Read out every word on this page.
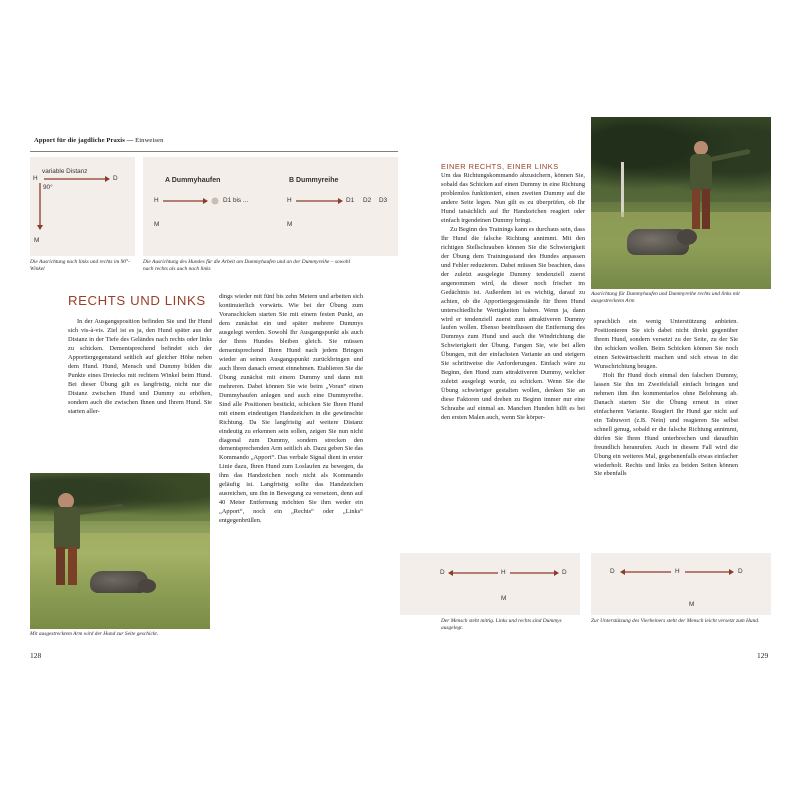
Apport für die jagdliche Praxis — Einweisen
H	D
M
variable Distanz
90°
Die Ausrichtung nach links und rechts im 90°-Winkel
A Dummyhaufen
H	D1 bis ...
M
B Dummyreihe
H
M
D1 D2 D3
Die Ausrichtung des Hundes für die Arbeit am Dummyhaufen und an der Dummyreihe – sowohl nach rechts als auch nach links
RECHTS UND LINKS
In der Ausgangsposition befinden Sie und Ihr Hund sich vis-à-vis. Ziel ist es ja, den Hund später aus der Distanz in der Tiefe des Geländes nach rechts oder links zu schicken. Dementsprechend befindet sich der Apportiergegenstand seitlich auf gleicher Höhe neben dem Hund. Hund, Mensch und Dummy bilden die Punkte eines Dreiecks mit rechtem Winkel beim Hund. Bei dieser Übung gilt es langfristig, nicht nur die Distanz zwischen Hund und Dummy zu erhöhen, sondern auch die zwischen Ihnen und Ihrem Hund. Sie starten aller-
dings wieder mit fünf bis zehn Metern und arbeiten sich kontinuierlich vorwärts. Wie bei der Übung zum Voranschicken starten Sie mit einem festen Punkt, an dem zunächst ein und später mehrere Dummys ausgelegt werden. Sowohl Ihr Ausgangspunkt als auch der Ihres Hundes bleiben gleich. Sie müssen dementsprechend Ihren Hund nach jedem Bringen wieder an seinen Ausgangspunkt zurückbringen und auch Ihren danach erneut einnehmen. Etablieren Sie die Übung zunächst mit einem Dummy und dann mit mehreren. Dabei können Sie wie beim „Voran“ einen Dummyhaufen anlegen und auch eine Dummyreihe. Sind alle Positionen bestückt, schicken Sie Ihren Hund mit einem eindeutigen Handzeichen in die gewünschte Richtung. Da Sie langfristig auf weitere Distanz eindeutig zu erkennen sein sollen, zeigen Sie nun nicht diagonal zum Dummy, sondern strecken den dementsprechenden Arm seitlich ab. Dazu geben Sie das Kommando „Apport“. Das verbale Signal dient in erster Linie dazu, Ihren Hund zum Loslaufen zu bewegen, da ihm das Handzeichen noch nicht als Kommando geläufig ist. Langfristig sollte das Handzeichen ausreichen, um ihn in Bewegung zu versetzen, denn auf 40 Meter Entfernung möchten Sie ihm weder ein „Apport“, noch ein „Rechts“ oder „Links“ entgegenbrüllen.
Mit ausgestrecktem Arm wird der Hund zur Seite geschickt.
128
EINER RECHTS, EINER LINKS
Um das Richtungskommando abzusichern, können Sie, sobald das Schicken auf einen Dummy in eine Richtung problemlos funktioniert, einen zweiten Dummy auf die andere Seite legen. Nun gilt es zu überprüfen, ob Ihr Hund tatsächlich auf Ihr Handzeichen reagiert oder einfach irgendeinen Dummy bringt.
Zu Beginn des Trainings kann es durchaus sein, dass Ihr Hund die falsche Richtung annimmt. Mit den richtigen Stellschrauben können Sie die Schwierigkeit der Übung dem Trainingsstand des Hundes anpassen und Fehler reduzieren. Dabei müssen Sie beachten, dass der zuletzt ausgelegte Dummy tendenziell zuerst angenommen wird, da dieser noch frischer im Gedächtnis ist. Außerdem ist es wichtig, darauf zu achten, ob die Apportiergegenstände für Ihren Hund unterschiedliche Wertigkeiten haben. Wenn ja, dann wird er tendenziell zuerst zum attraktiveren Dummy laufen wollen. Ebenso beeinflussen die Entfernung des Dummys zum Hund und auch die Windrichtung die Schwierigkeit der Übung. Fangen Sie, wie bei allen Übungen, mit der einfachsten Variante an und steigern Sie schrittweise die Anforderungen. Einfach wäre zu Beginn, den Hund zum attraktiveren Dummy, welcher zuletzt ausgelegt wurde, zu schicken. Wenn Sie die Übung schwieriger gestalten wollen, denken Sie an diese Faktoren und drehen zu Beginn immer nur eine Schraube auf einmal an. Manchen Hunden hilft es bei den ersten Malen auch, wenn Sie körper-
Ausrichtung für Dummyhaufen und Dummyreihe rechts und links mit ausgestrecktem Arm
sprachlich ein wenig Unterstützung anbieten. Positionieren Sie sich dabei nicht direkt gegenüber Ihrem Hund, sondern versetzt zu der Seite, zu der Sie ihn schicken wollen. Beim Schicken können Sie noch einen Seitwärtsschritt machen und sich etwas in die Wunschrichtung beugen.
Holt Ihr Hund doch einmal den falschen Dummy, lassen Sie ihn im Zweifelsfall einfach bringen und nehmen ihm ihn kommentarlos ohne Belohnung ab. Danach starten Sie die Übung erneut in einer einfacheren Variante. Reagiert Ihr Hund gar nicht auf ein Tabuwort (z.B. Nein) und reagieren Sie selbst schnell genug, sobald er die falsche Richtung annimmt, dürfen Sie Ihren Hund unterbrechen und daraufhin freundlich heranrufen. Auch in diesem Fall wird die Übung ein weiteres Mal, gegebenenfalls etwas einfacher wiederholt. Rechts und links zu beiden Seiten können Sie ebenfalls
D	H	D
M
Der Mensch steht mittig. Links und rechts sind Dummys ausgelegt.
D	H	D
M
Zur Unterstützung des Vierbeiners steht der Mensch leicht versetzt zum Hund.
129
